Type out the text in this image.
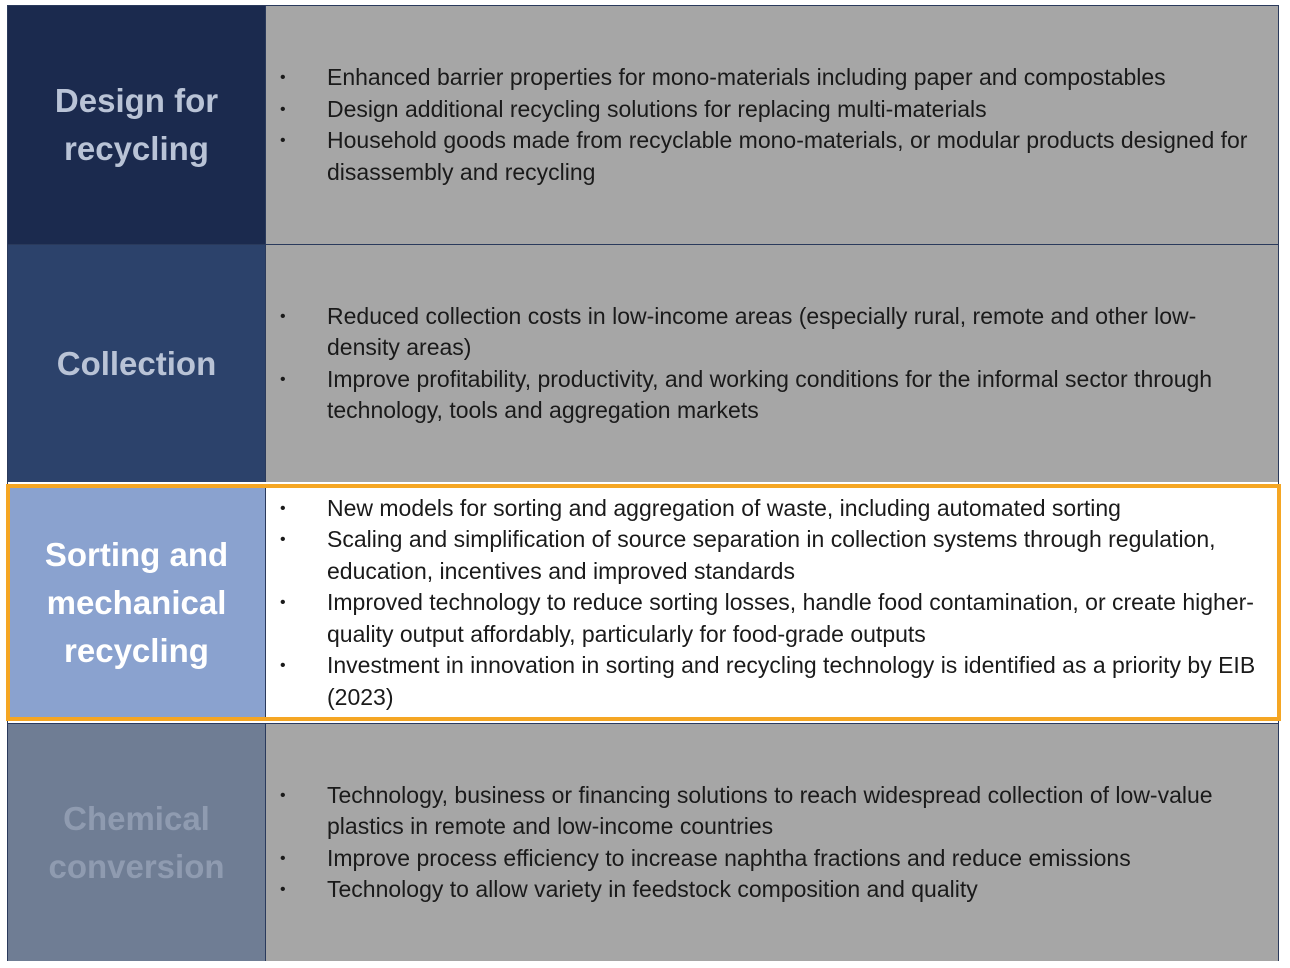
Design for recycling
• Enhanced barrier properties for mono-materials including paper and compostables
• Design additional recycling solutions for replacing multi-materials
• Household goods made from recyclable mono-materials, or modular products designed for disassembly and recycling
Collection
• Reduced collection costs in low-income areas (especially rural, remote and other low-density areas)
• Improve profitability, productivity, and working conditions for the informal sector through technology, tools and aggregation markets
Sorting and mechanical recycling
• New models for sorting and aggregation of waste, including automated sorting
• Scaling and simplification of source separation in collection systems through regulation, education, incentives and improved standards
• Improved technology to reduce sorting losses, handle food contamination, or create higher-quality output affordably, particularly for food-grade outputs
• Investment in innovation in sorting and recycling technology is identified as a priority by EIB (2023)
Chemical conversion
• Technology, business or financing solutions to reach widespread collection of low-value plastics in remote and low-income countries
• Improve process efficiency to increase naphtha fractions and reduce emissions
• Technology to allow variety in feedstock composition and quality
